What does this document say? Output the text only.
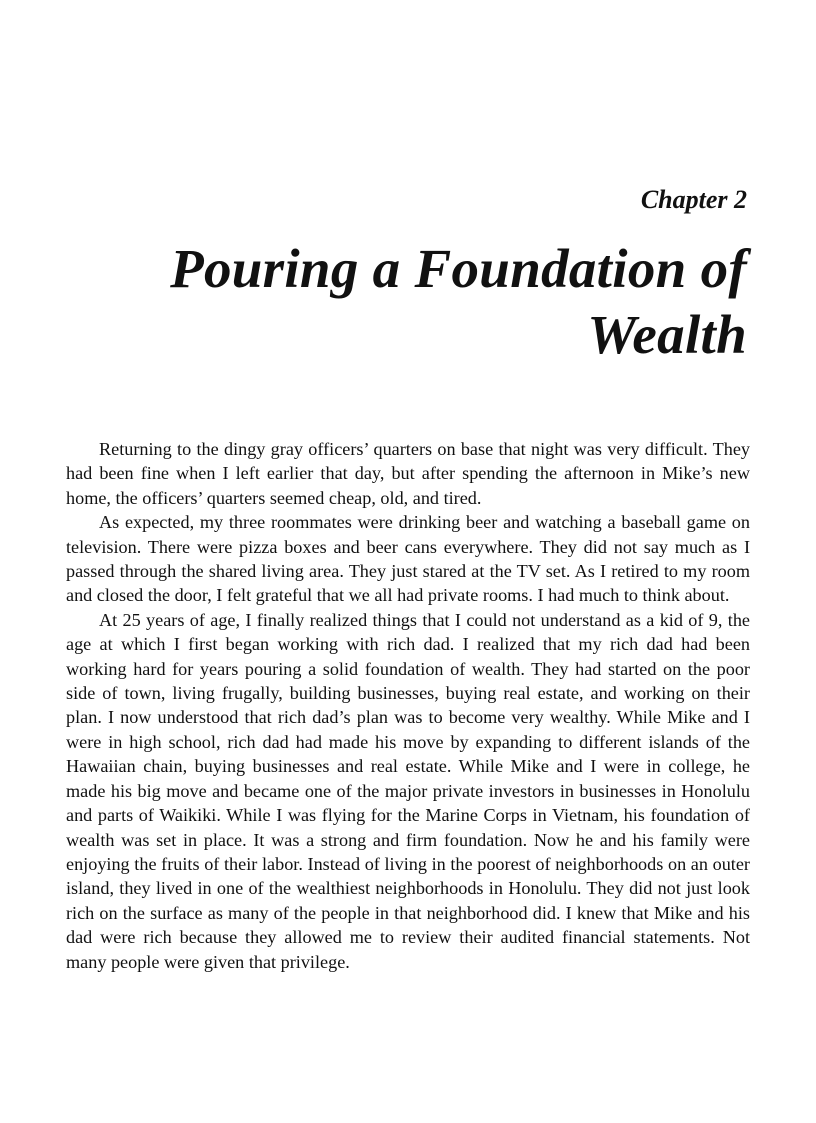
Chapter 2
Pouring a Foundation of Wealth

Returning to the dingy gray officers’ quarters on base that night was very difficult. They had been fine when I left earlier that day, but after spending the afternoon in Mike’s new home, the officers’ quarters seemed cheap, old, and tired.

As expected, my three roommates were drinking beer and watching a baseball game on television. There were pizza boxes and beer cans everywhere. They did not say much as I passed through the shared living area. They just stared at the TV set. As I retired to my room and closed the door, I felt grateful that we all had private rooms. I had much to think about.

At 25 years of age, I finally realized things that I could not understand as a kid of 9, the age at which I first began working with rich dad. I realized that my rich dad had been working hard for years pouring a solid foundation of wealth. They had started on the poor side of town, living frugally, building businesses, buying real estate, and working on their plan. I now understood that rich dad’s plan was to become very wealthy. While Mike and I were in high school, rich dad had made his move by expanding to different islands of the Hawaiian chain, buying businesses and real estate. While Mike and I were in college, he made his big move and became one of the major private investors in businesses in Honolulu and parts of Waikiki. While I was flying for the Marine Corps in Vietnam, his foundation of wealth was set in place. It was a strong and firm foundation. Now he and his family were enjoying the fruits of their labor. Instead of living in the poorest of neighborhoods on an outer island, they lived in one of the wealthiest neighborhoods in Honolulu. They did not just look rich on the surface as many of the people in that neighborhood did. I knew that Mike and his dad were rich because they allowed me to review their audited financial statements. Not many people were given that privilege.
